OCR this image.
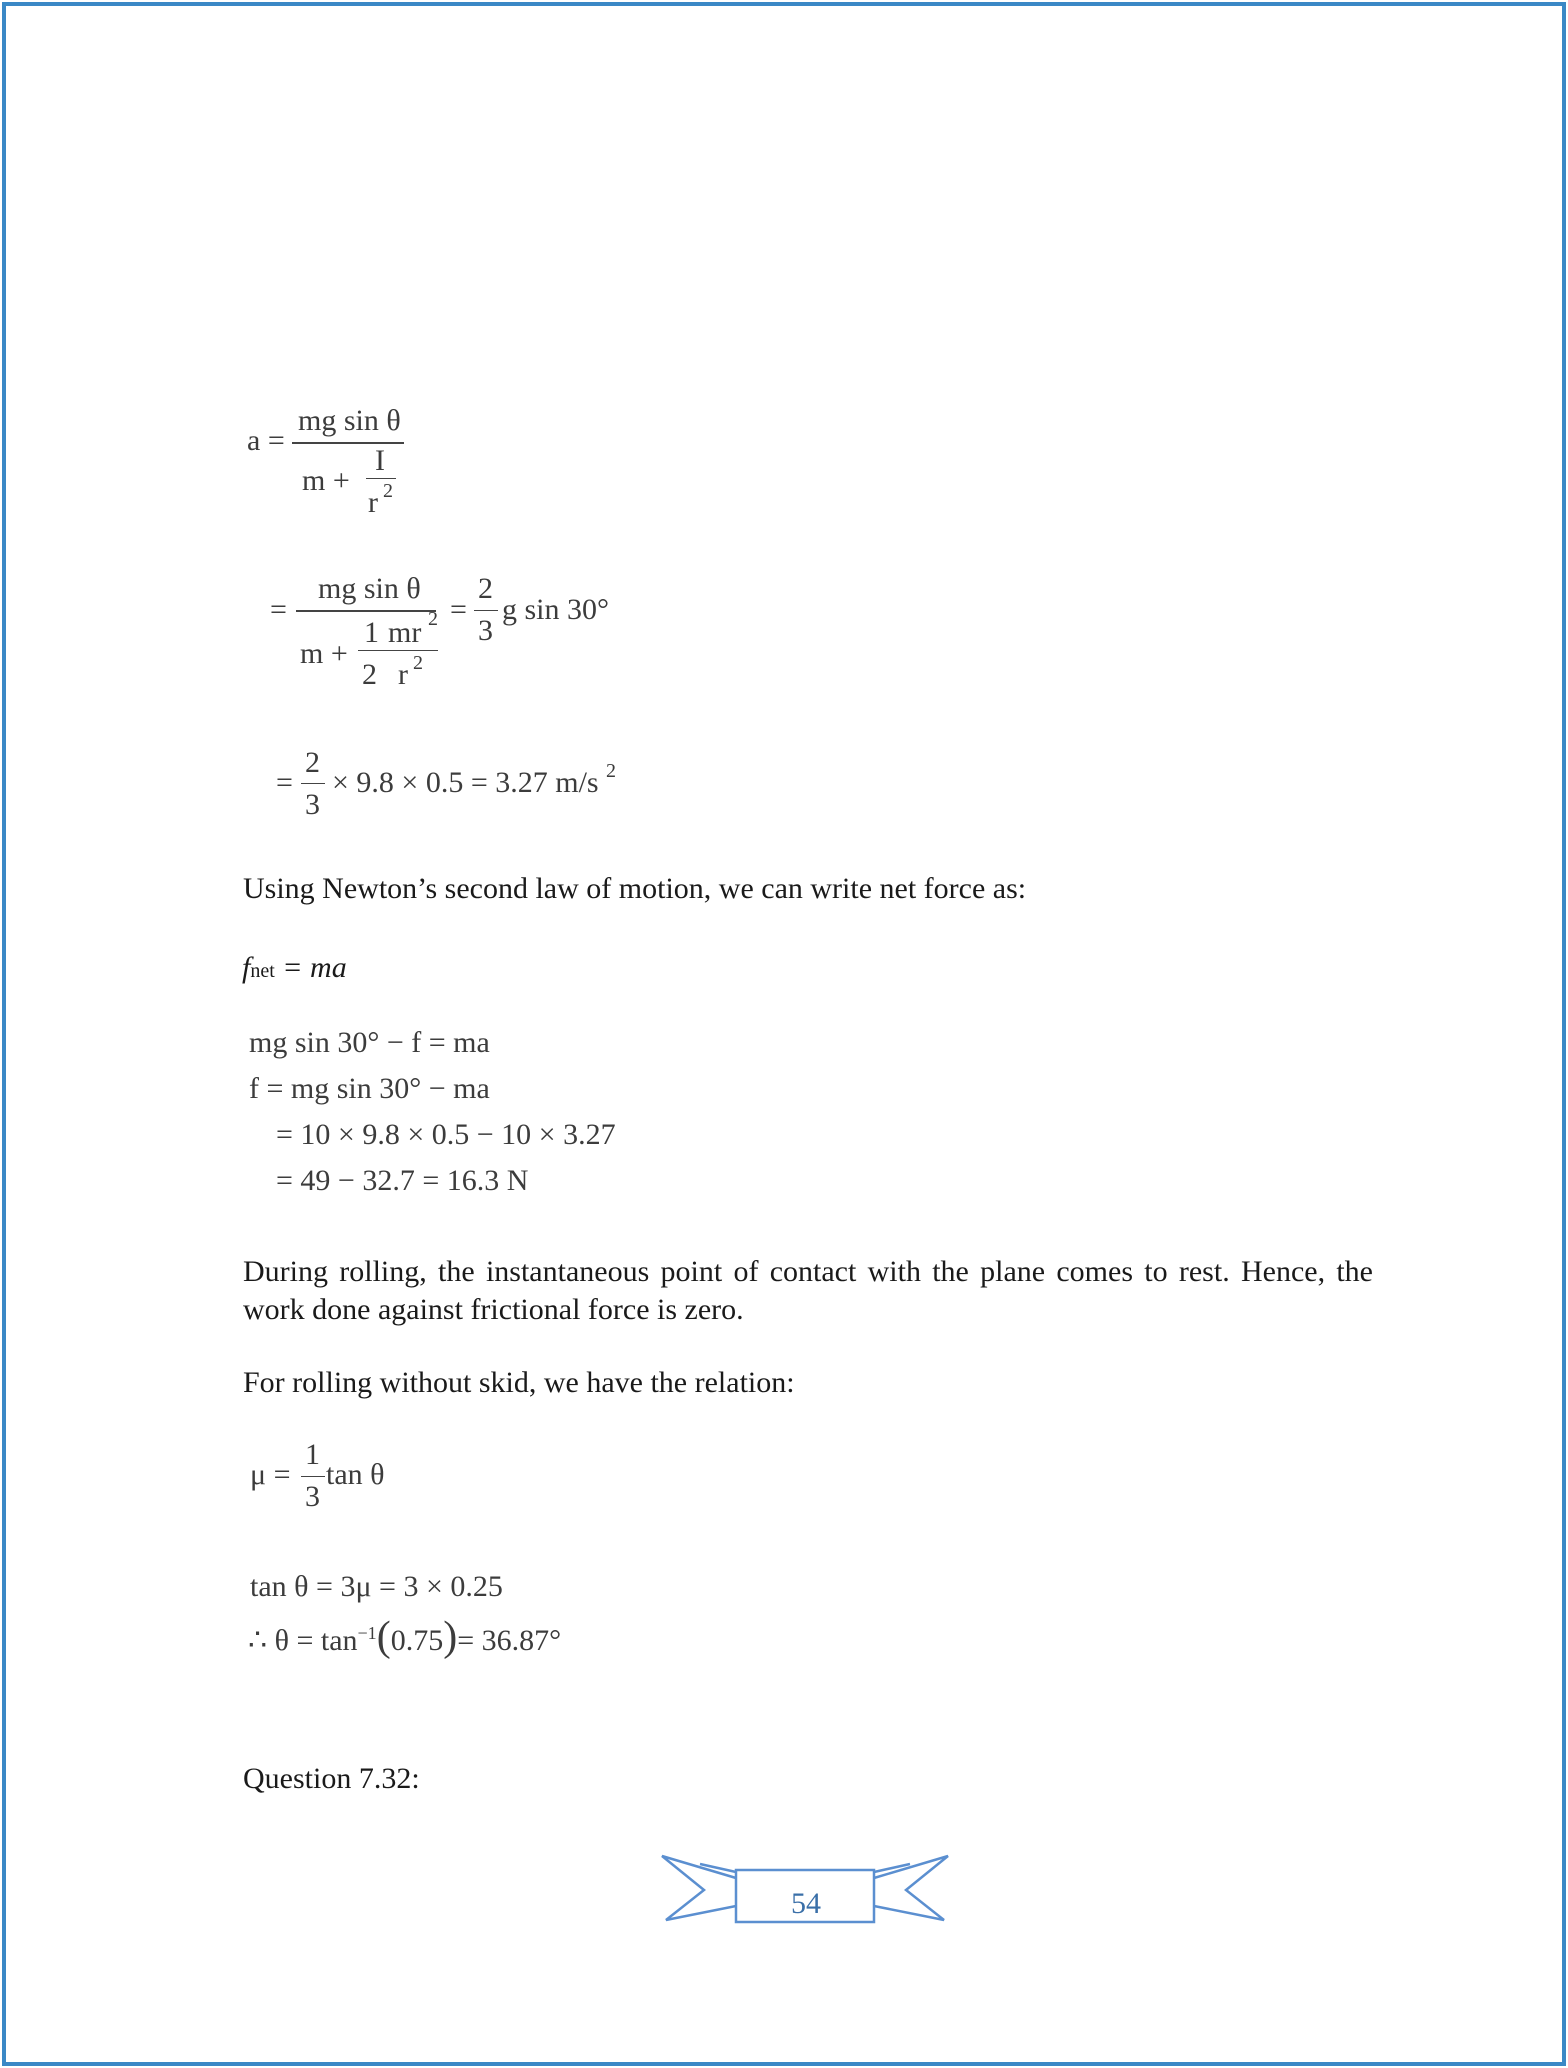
a =
mg sin θ
m +
I
r 2
=
mg sin θ
m +
1
2
mr 2
r 2
=
2
3
g sin 30°
=
2
3
× 9.8 × 0.5 = 3.27 m/s 2
Using Newton’s second law of motion, we can write net force as:
fnet = ma
mg sin 30° − f = ma
f = mg sin 30° − ma
= 10 × 9.8 × 0.5 − 10 × 3.27
= 49 − 32.7 = 16.3 N
During rolling, the instantaneous point of contact with the plane comes to rest. Hence, the work done against frictional force is zero.
For rolling without skid, we have the relation:
μ =
1
3
tan θ
tan θ = 3μ = 3 × 0.25
∴ $\theta = \tan^{-1}(0.75)= 36.87^\circ$
Question 7.32:
54
